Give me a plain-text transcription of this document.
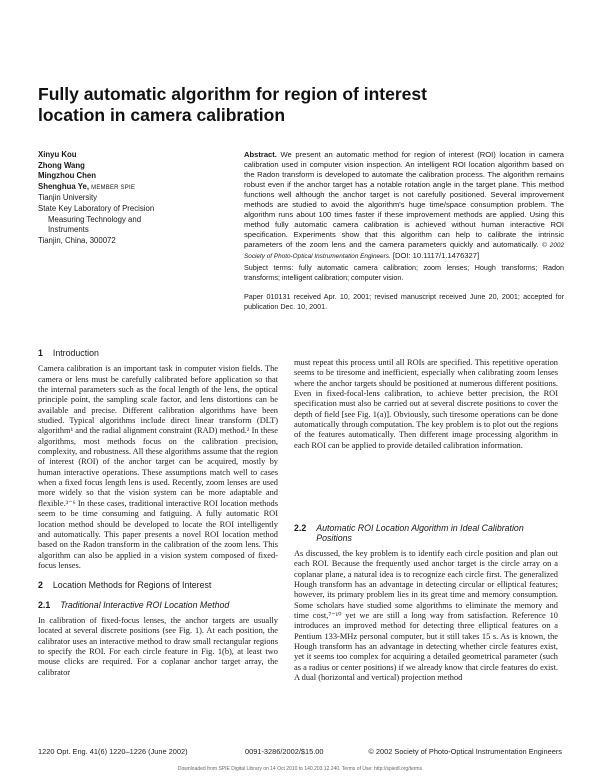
Fully automatic algorithm for region of interest location in camera calibration
Xinyu Kou
Zhong Wang
Mingzhou Chen
Shenghua Ye, MEMBER SPIE
Tianjin University
State Key Laboratory of Precision
Measuring Technology and
Instruments
Tianjin, China, 300072
Abstract. We present an automatic method for region of interest (ROI) location in camera calibration used in computer vision inspection. An intelligent ROI location algorithm based on the Radon transform is developed to automate the calibration process. The algorithm remains robust even if the anchor target has a notable rotation angle in the target plane. This method functions well although the anchor target is not carefully positioned. Several improvement methods are studied to avoid the algorithm's huge time/space consumption problem. The algorithm runs about 100 times faster if these improvement methods are applied. Using this method fully automatic camera calibration is achieved without human interactive ROI specification. Experiments show that this algorithm can help to calibrate the intrinsic parameters of the zoom lens and the camera parameters quickly and automatically. © 2002 Society of Photo-Optical Instrumentation Engineers. [DOI: 10.1117/1.1476327]
Subject terms: fully automatic camera calibration; zoom lenses; Hough transforms; Radon transforms; intelligent calibration; computer vision.
Paper 010131 received Apr. 10, 2001; revised manuscript received June 20, 2001; accepted for publication Dec. 10, 2001.
1 Introduction

Camera calibration is an important task in computer vision fields. The camera or lens must be carefully calibrated before application so that the internal parameters such as the focal length of the lens, the optical principle point, the sampling scale factor, and lens distortions can be available and precise. Different calibration algorithms have been studied. Typical algorithms include direct linear transform (DLT) algorithm¹ and the radial alignment constraint (RAD) method.² In these algorithms, most methods focus on the calibration precision, complexity, and robustness. All these algorithms assume that the region of interest (ROI) of the anchor target can be acquired, mostly by human interactive operations. These assumptions match well to cases when a fixed focus length lens is used. Recently, zoom lenses are used more widely so that the vision system can be more adaptable and flexible.³⁻⁶ In these cases, traditional interactive ROI location methods seem to be time consuming and fatiguing. A fully automatic ROI location method should be developed to locate the ROI intelligently and automatically. This paper presents a novel ROI location method based on the Radon transform in the calibration of the zoom lens. This algorithm can also be applied in a vision system composed of fixed-focus lenses.

2 Location Methods for Regions of Interest
2.1 Traditional Interactive ROI Location Method

In calibration of fixed-focus lenses, the anchor targets are usually located at several discrete positions (see Fig. 1). At each position, the calibrator uses an interactive method to draw small rectangular regions to specify the ROI. For each circle feature in Fig. 1(b), at least two mouse clicks are required. For a coplanar anchor target array, the calibrator

must repeat this process until all ROIs are specified. This repetitive operation seems to be tiresome and inefficient, especially when calibrating zoom lenses where the anchor targets should be positioned at numerous different positions. Even in fixed-focal-lens calibration, to achieve better precision, the ROI specification must also be carried out at several discrete positions to cover the depth of field [see Fig. 1(a)]. Obviously, such tiresome operations can be done automatically through computation. The key problem is to plot out the regions of the features automatically. Then different image processing algorithm in each ROI can be applied to provide detailed calibration information.

2.2 Automatic ROI Location Algorithm in Ideal Calibration Positions

As discussed, the key problem is to identify each circle position and plan out each ROI. Because the frequently used anchor target is the circle array on a coplanar plane, a natural idea is to recognize each circle first. The generalized Hough transform has an advantage in detecting circular or elliptical features; however, its primary problem lies in its great time and memory consumption. Some scholars have studied some algorithms to eliminate the memory and time cost,⁷⁻¹⁰ yet we are still a long way from satisfaction. Reference 10 introduces an improved method for detecting three elliptical features on a Pentium 133-MHz personal computer, but it still takes 15 s. As is known, the Hough transform has an advantage in detecting whether circle features exist, yet it seems too complex for acquiring a detailed geometrical parameter (such as a radius or center positions) if we already know that circle features do exist. A dual (horizontal and vertical) projection method

1220 Opt. Eng. 41(6) 1220–1226 (June 2002)	0091-3286/2002/$15.00	© 2002 Society of Photo-Optical Instrumentation Engineers
Downloaded from SPIE Digital Library on 14 Oct 2010 to 140.203.12.240. Terms of Use: http://spiedl.org/terms
